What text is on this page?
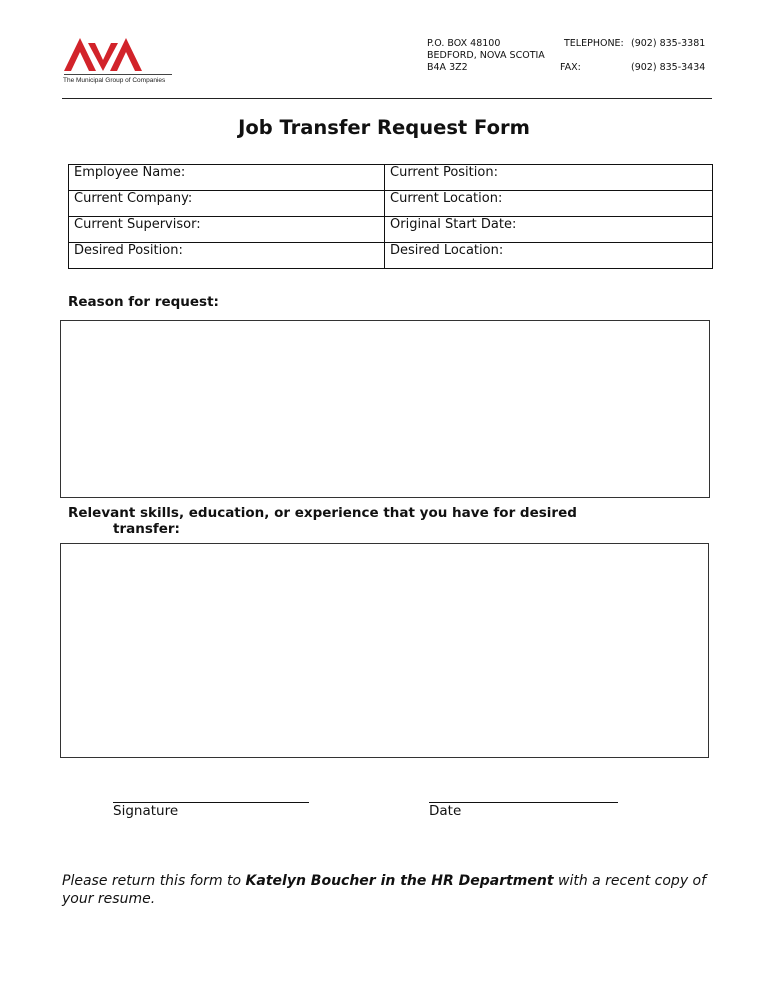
The Municipal Group of Companies
P.O. BOX 48100
BEDFORD, NOVA SCOTIA
B4A 3Z2
TELEPHONE: (902) 835-3381
FAX:	(902) 835-3434
Job Transfer Request Form
Employee Name:	Current Position:
Current Company:	Current Location:
Current Supervisor:	Original Start Date:
Desired Position:	Desired Location:
Reason for request:
Relevant skills, education, or experience that you have for desired
transfer:
Signature	Date
Please return this form to Katelyn Boucher in the HR Department with a recent copy of your resume.
